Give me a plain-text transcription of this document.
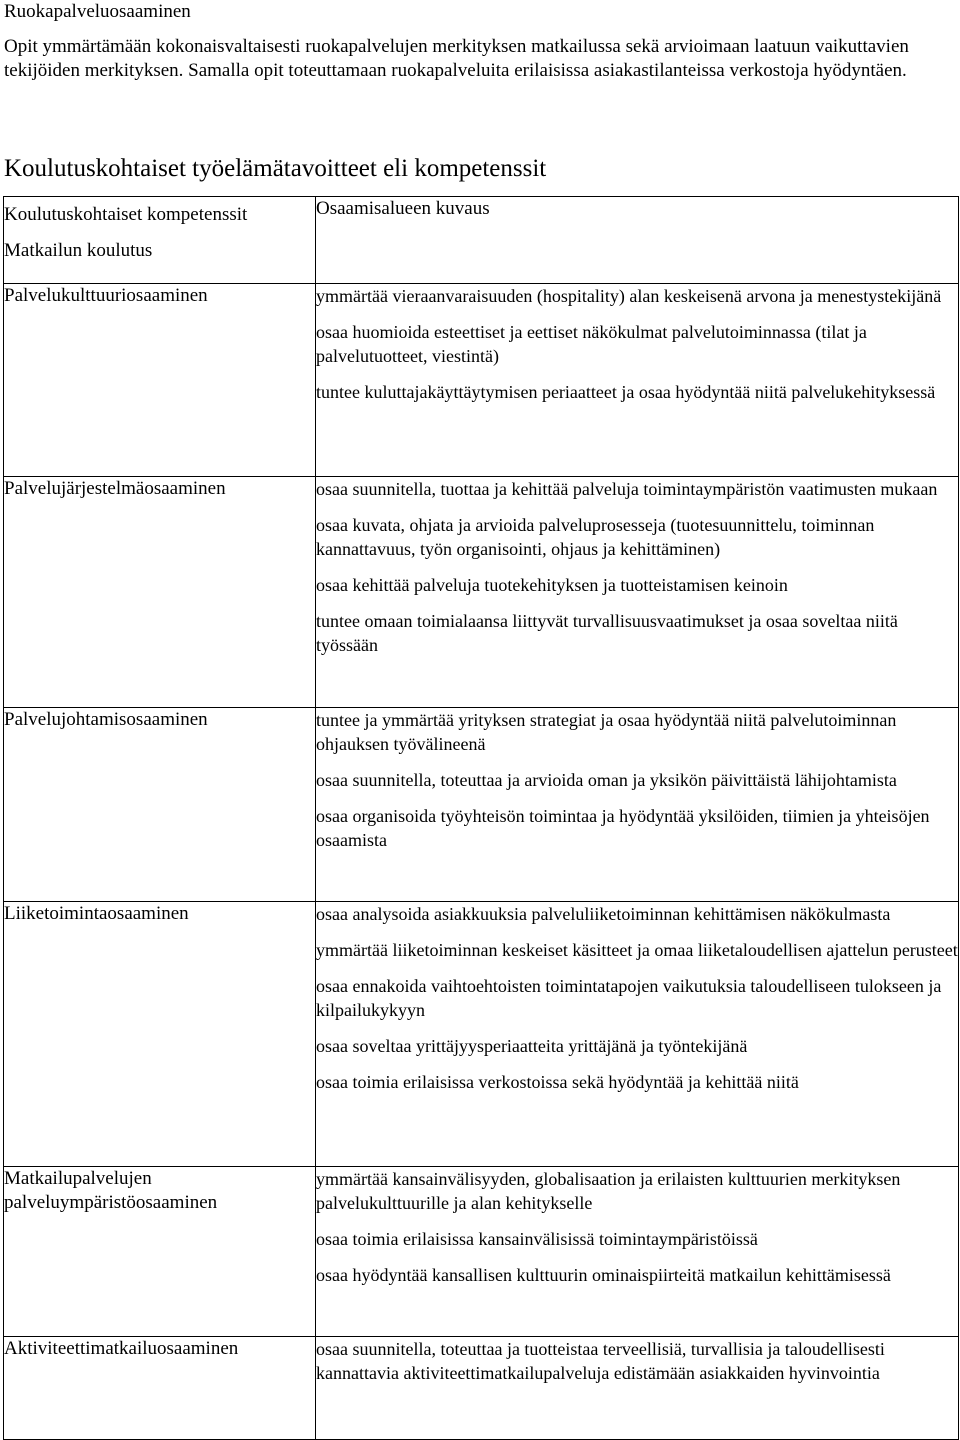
Ruokapalveluosaaminen
Opit ymmärtämään kokonaisvaltaisesti ruokapalvelujen merkityksen matkailussa sekä arvioimaan laatuun vaikuttavien tekijöiden merkityksen. Samalla opit toteuttamaan ruokapalveluita erilaisissa asiakastilanteissa verkostoja hyödyntäen.
Koulutuskohtaiset työelämätavoitteet eli kompetenssit
Koulutuskohtaiset kompetenssit
Matkailun koulutus	Osaamisalueen kuvaus
Palvelukulttuuriosaaminen	ymmärtää vieraanvaraisuuden (hospitality) alan keskeisenä arvona ja menestystekijänä
osaa huomioida esteettiset ja eettiset näkökulmat palvelutoiminnassa (tilat ja palvelutuotteet, viestintä)
tuntee kuluttajakäyttäytymisen periaatteet ja osaa hyödyntää niitä palvelukehityksessä

Palvelujärjestelmäosaaminen	osaa suunnitella, tuottaa ja kehittää palveluja toimintaympäristön vaatimusten mukaan
osaa kuvata, ohjata ja arvioida palveluprosesseja (tuotesuunnittelu, toiminnan kannattavuus, työn organisointi, ohjaus ja kehittäminen)
osaa kehittää palveluja tuotekehityksen ja tuotteistamisen keinoin
tuntee omaan toimialaansa liittyvät turvallisuusvaatimukset ja osaa soveltaa niitä työssään

Palvelujohtamisosaaminen	tuntee ja ymmärtää yrityksen strategiat ja osaa hyödyntää niitä palvelutoiminnan ohjauksen työvälineenä
osaa suunnitella, toteuttaa ja arvioida oman ja yksikön päivittäistä lähijohtamista
osaa organisoida työyhteisön toimintaa ja hyödyntää yksilöiden, tiimien ja yhteisöjen osaamista

Liiketoimintaosaaminen	osaa analysoida asiakkuuksia palveluliiketoiminnan kehittämisen näkökulmasta
ymmärtää liiketoiminnan keskeiset käsitteet ja omaa liiketaloudellisen ajattelun perusteet
osaa ennakoida vaihtoehtoisten toimintatapojen vaikutuksia taloudelliseen tulokseen ja kilpailukykyyn
osaa soveltaa yrittäjyysperiaatteita yrittäjänä ja työntekijänä
osaa toimia erilaisissa verkostoissa sekä hyödyntää ja kehittää niitä

Matkailupalvelujen palveluympäristöosaaminen	ymmärtää kansainvälisyyden, globalisaation ja erilaisten kulttuurien merkityksen palvelukulttuurille ja alan kehitykselle
osaa toimia erilaisissa kansainvälisissä toimintaympäristöissä
osaa hyödyntää kansallisen kulttuurin ominaispiirteitä matkailun kehittämisessä

Aktiviteettimatkailuosaaminen	osaa suunnitella, toteuttaa ja tuotteistaa terveellisiä, turvallisia ja taloudellisesti kannattavia aktiviteettimatkailupalveluja edistämään asiakkaiden hyvinvointia
